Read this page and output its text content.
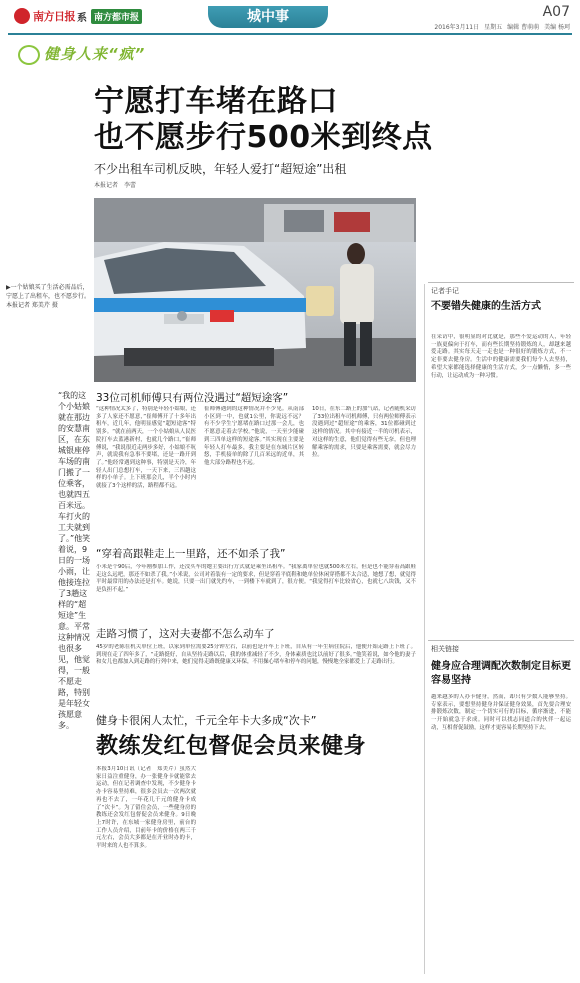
南方日报 系 南方都市报	城中事	A07
2016年3月11日 星期五 编辑 曹萌萌 美编 杨珂
健身人来“疯”
宁愿打车堵在路口
也不愿步行500米到终点
不少出租车司机反映，年轻人爱打“超短途”出租
本报记者　李蕾
▶一个姑娘买了生活必需品后，宁愿上了出租车，也不愿步行。本报记者 郑美芹 摄
“我的这个小姑娘就在那边的安慧南区，在东城银座停车场的南门搬了一位乘客，也就四五百米远。车打火的工夫就到了。”他笑着说，9日的一场小雨，让他接连拉了3趟这样的“超短途”生意。平常这种情况也很多见，他觉得，一般不愿走路，特别是年轻女孩愿意多。
33位司机师傅只有两位没遇过“超短途客”
“这种情况太多了，特别是年轻小姑娘，还多了人家还不愿意，”崔师傅开了十多年出租车，近几年，他明显感觉“超短途客”特别多。“就在前两天，一个小姑娘从人民医院打车去蓝港新村，也就几个路口，”崔师傅说，“我说很近走两步多好，小姑娘不吭声，就说我有急事不要堵，还是一路开到了。”他经常遇到这种事，特别是天冷，年轻人出门总想打车，一天下来，三四趟这样的小单子。上下班那会儿，半个小时内就接了3个这样的活，路程都不远。
崔师傅遇到的这种情况并不少见。从南部小区到一中，也就1公里，你说远不远？有不少学生宁愿堵在路口过那一会儿，也不愿意走着去学校。”他说，一天至少能碰到三四单这样的短途客。”其实现在主要是年轻人打车最多，我主要是在东城片区转悠，手机接单的除了几百米远的近单，其他大部分路程也不远。
10日，在东二路上的加气站，记者随机采访了33位出租车司机师傅，只有两位师傅表示没遇到过“超短途”的乘客，31位都碰到过这样的情况。其中有接近一半的司机表示，对这样的生意，他们觉得有些无奈，但也理解乘客的需求，只要是乘客需要，就会尽力拉。
“穿着高跟鞋走上一里路，还不如杀了我”
小米是个90后，今年刚参加工作，还没买车的她主要出行方式就是乘坐出租车。“我家离单位也就500米左右，但是也不能穿着高跟鞋走这么远吧，那还不如杀了我。”小米说，公司对着装有一定的要求，但是穿着平底鞋和她单位休闲穿搭都不太合适，她想了想，就觉得平时最常用的办法还是打车。她说，只要一出门就先约车，一到楼下车就到了，很方便。“我觉得打车比较省心，也就七八块钱，又不是负担不起。”
走路习惯了，这对夫妻都不怎么动车了
45岁的老陈在机关单位上班，以家到单位需要25分钟左右，以前也是开车上下班，自从有一年生病住院后，他便开始走路上下班了。到现在走了四年多了，“走路挺好，自从坚持走路以后，我的体重减轻了不少，身体素质也比以前好了很多。”他笑着说，如今他的妻子和女儿也都加入到走路的行列中来，她们觉得走路既健康又环保，不用操心堵车和停车的问题，慢慢地全家都爱上了走路出行。
记者手记
不要错失健康的生活方式
在采访中，很明显的对比就是，那些不爱运动的人，年轻一族更偏向于打车，而有些长期坚持锻炼的人，却越来越爱走路。其实每天走一走也是一种很好的锻炼方式，不一定非要去健身房。生活中的健康需要我们每个人去坚持，希望大家都能选择健康的生活方式，少一点懒惰，多一些行动，让运动成为一种习惯。
相关链接
健身应合理调配次数制定目标更容易坚持
越来越多的人办卡健身，然而，却只有少数人能够坚持。专家表示，要想坚持健身并保证健身效果，首先要合理安排锻炼次数，制定一个切实可行的目标，循序渐进，不能一开始就急于求成。同时可以找志同道合的伙伴一起运动，互相督促鼓励，这样才更容易长期坚持下去。
健身卡很闲人太忙，千元全年卡大多成“次卡”
教练发红包督促会员来健身
本报3月10日讯（记者　郑美芹）虽然大家日益注重健身，办一张健身卡就能常去运动，但在记者调查中发现，不少健身卡办卡容易坚持难，很多会员去一次两次就再也不去了，一年花几千元的健身卡成了“次卡”。为了留住会员，一些健身房的教练还会发红包督促会员来健身。9日晚上7时许，在东城一家健身房里，前台的工作人员介绍，目前年卡的价格在两三千元左右，会员大多都是在开业时办的卡，平时来的人也不算多。
